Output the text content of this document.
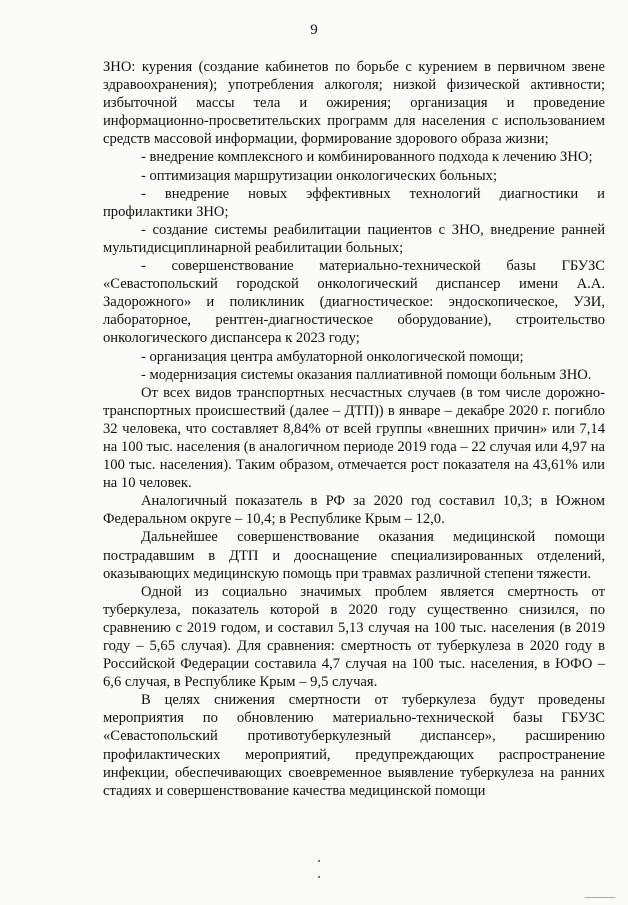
9

ЗНО: курения (создание кабинетов по борьбе с курением в первичном звене здравоохранения); употребления алкоголя; низкой физической активности; избыточной массы тела и ожирения; организация и проведение информационно-просветительских программ для населения с использованием средств массовой информации, формирование здорового образа жизни;

- внедрение комплексного и комбинированного подхода к лечению ЗНО;

- оптимизация маршрутизации онкологических больных;

- внедрение новых эффективных технологий диагностики и профилактики ЗНО;

- создание системы реабилитации пациентов с ЗНО, внедрение ранней мультидисциплинарной реабилитации больных;

- совершенствование материально-технической базы ГБУЗС «Севастопольский городской онкологический диспансер имени А.А. Задорожного» и поликлиник (диагностическое: эндоскопическое, УЗИ, лабораторное, рентген-диагностическое оборудование), строительство онкологического диспансера к 2023 году;

- организация центра амбулаторной онкологической помощи;

- модернизация системы оказания паллиативной помощи больным ЗНО.

От всех видов транспортных несчастных случаев (в том числе дорожно-транспортных происшествий (далее – ДТП)) в январе – декабре 2020 г. погибло 32 человека, что составляет 8,84% от всей группы «внешних причин» или 7,14 на 100 тыс. населения (в аналогичном периоде 2019 года – 22 случая или 4,97 на 100 тыс. населения). Таким образом, отмечается рост показателя на 43,61% или на 10 человек.

Аналогичный показатель в РФ за 2020 год составил 10,3; в Южном Федеральном округе – 10,4; в Республике Крым – 12,0.

Дальнейшее совершенствование оказания медицинской помощи пострадавшим в ДТП и дооснащение специализированных отделений, оказывающих медицинскую помощь при травмах различной степени тяжести.

Одной из социально значимых проблем является смертность от туберкулеза, показатель которой в 2020 году существенно снизился, по сравнению с 2019 годом, и составил 5,13 случая на 100 тыс. населения (в 2019 году – 5,65 случая). Для сравнения: смертность от туберкулеза в 2020 году в Российской Федерации составила 4,7 случая на 100 тыс. населения, в ЮФО – 6,6 случая, в Республике Крым – 9,5 случая.

В целях снижения смертности от туберкулеза будут проведены мероприятия по обновлению материально-технической базы ГБУЗС «Севастопольский противотуберкулезный диспансер», расширению профилактических мероприятий, предупреждающих распространение инфекции, обеспечивающих своевременное выявление туберкулеза на ранних стадиях и совершенствование качества медицинской помощи
